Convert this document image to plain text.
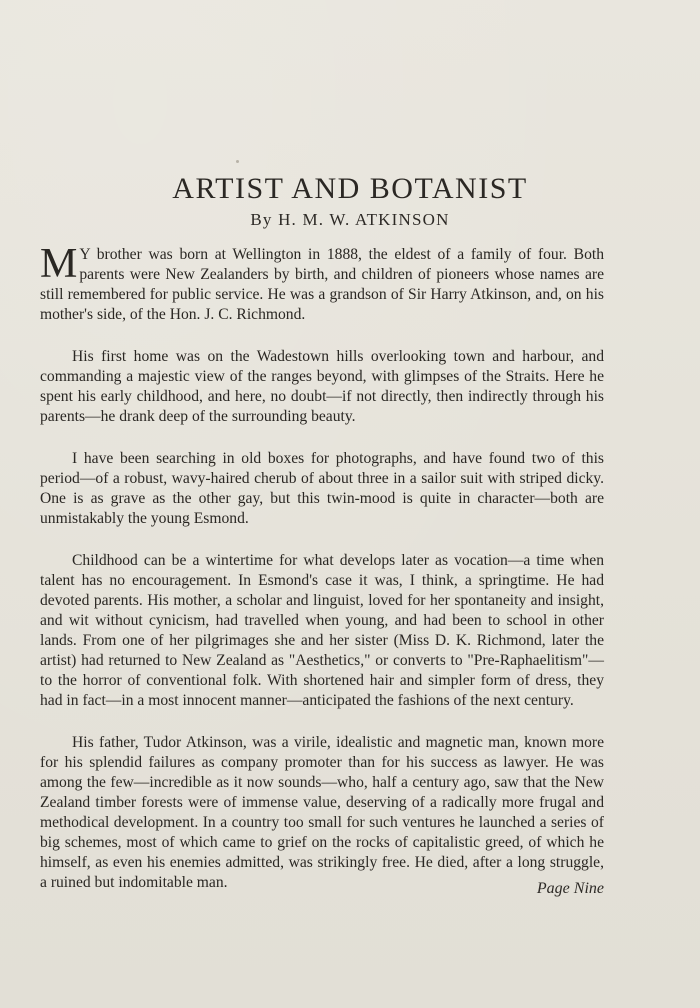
ARTIST AND BOTANIST
By H. M. W. ATKINSON

M Y brother was born at Wellington in 1888, the eldest of a family of four. Both parents were New Zealanders by birth, and children of pioneers whose names are still remembered for public service. He was a grandson of Sir Harry Atkinson, and, on his mother's side, of the Hon. J. C. Richmond.

His first home was on the Wadestown hills overlooking town and harbour, and commanding a majestic view of the ranges beyond, with glimpses of the Straits. Here he spent his early childhood, and here, no doubt—if not directly, then indirectly through his parents—he drank deep of the surrounding beauty.

I have been searching in old boxes for photographs, and have found two of this period—of a robust, wavy-haired cherub of about three in a sailor suit with striped dicky. One is as grave as the other gay, but this twin-mood is quite in character—both are unmistakably the young Esmond.

Childhood can be a wintertime for what develops later as vocation—a time when talent has no encouragement. In Esmond's case it was, I think, a springtime. He had devoted parents. His mother, a scholar and linguist, loved for her spontaneity and insight, and wit without cynicism, had travelled when young, and had been to school in other lands. From one of her pilgrimages she and her sister (Miss D. K. Richmond, later the artist) had returned to New Zealand as "Aesthetics," or converts to "Pre-Raphaelitism"—to the horror of conventional folk. With shortened hair and simpler form of dress, they had in fact—in a most innocent manner—anticipated the fashions of the next century.

His father, Tudor Atkinson, was a virile, idealistic and magnetic man, known more for his splendid failures as company promoter than for his success as lawyer. He was among the few—incredible as it now sounds—who, half a century ago, saw that the New Zealand timber forests were of immense value, deserving of a radically more frugal and methodical development. In a country too small for such ventures he launched a series of big schemes, most of which came to grief on the rocks of capitalistic greed, of which he himself, as even his enemies admitted, was strikingly free. He died, after a long struggle, a ruined but indomitable man.	Page Nine
